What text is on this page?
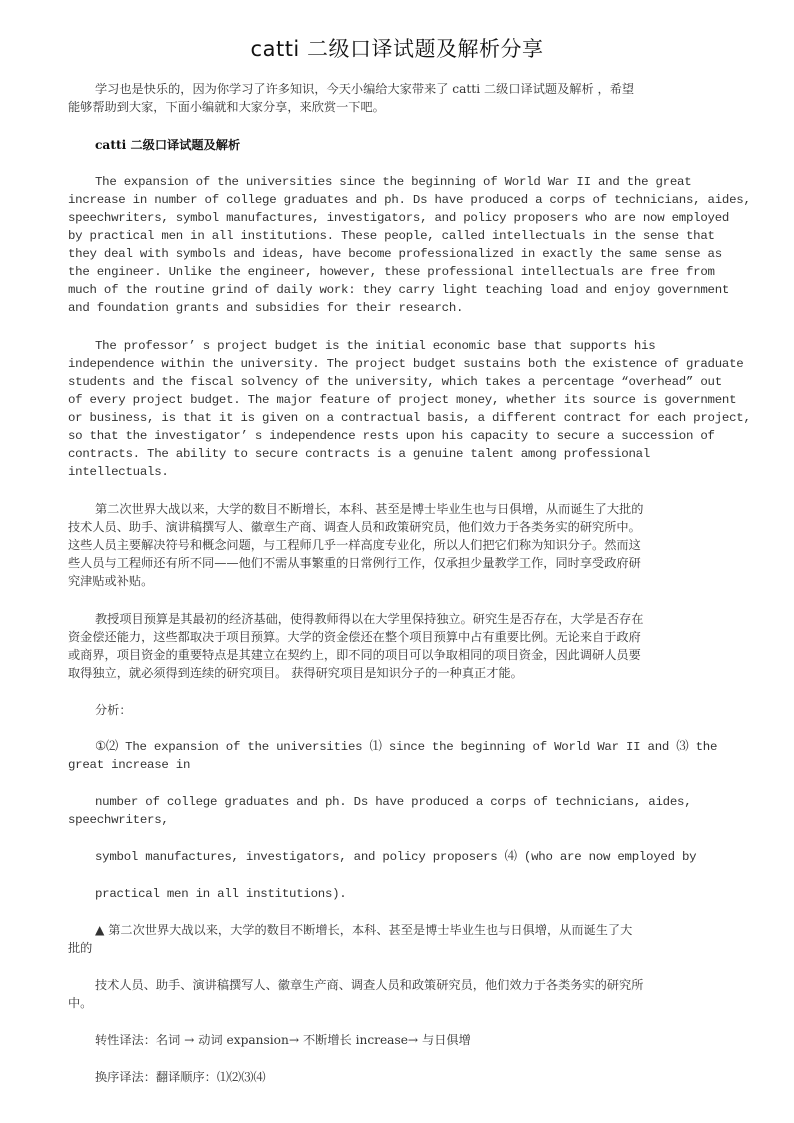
catti 二级口译试题及解析分享
学习也是快乐的，因为你学习了许多知识，今天小编给大家带来了 catti 二级口译试题及解析 ，希望
能够帮助到大家，下面小编就和大家分享，来欣赏一下吧。
catti 二级口译试题及解析
The expansion of the universities since the beginning of World War II and the great
increase in number of college graduates and ph. Ds have produced a corps of technicians, aides,
speechwriters, symbol manufactures, investigators, and policy proposers who are now employed
by practical men in all institutions. These people, called intellectuals in the sense that
they deal with symbols and ideas, have become professionalized in exactly the same sense as
the engineer. Unlike the engineer, however, these professional intellectuals are free from
much of the routine grind of daily work: they carry light teaching load and enjoy government
and foundation grants and subsidies for their research.
The professor’ s project budget is the initial economic base that supports his
independence within the university. The project budget sustains both the existence of graduate
students and the fiscal solvency of the university, which takes a percentage “overhead” out
of every project budget. The major feature of project money, whether its source is government
or business, is that it is given on a contractual basis, a different contract for each project,
so that the investigator’ s independence rests upon his capacity to secure a succession of
contracts. The ability to secure contracts is a genuine talent among professional
intellectuals.
第二次世界大战以来，大学的数目不断增长，本科、甚至是博士毕业生也与日俱增，从而诞生了大批的
技术人员、助手、演讲稿撰写人、徽章生产商、调查人员和政策研究员，他们效力于各类务实的研究所中。
这些人员主要解决符号和概念问题，与工程师几乎一样高度专业化，所以人们把它们称为知识分子。然而这
些人员与工程师还有所不同——他们不需从事繁重的日常例行工作，仅承担少量教学工作，同时享受政府研
究津贴或补贴。
教授项目预算是其最初的经济基础，使得教师得以在大学里保持独立。研究生是否存在，大学是否存在
资金偿还能力，这些都取决于项目预算。大学的资金偿还在整个项目预算中占有重要比例。无论来自于政府
或商界，项目资金的重要特点是其建立在契约上，即不同的项目可以争取相同的项目资金，因此调研人员要
取得独立，就必须得到连续的研究项目。 获得研究项目是知识分子的一种真正才能。
分析：
①⑵ The expansion of the universities ⑴ since the beginning of World War II and ⑶ the
great increase in
number of college graduates and ph. Ds have produced a corps of technicians, aides,
speechwriters,
symbol manufactures, investigators, and policy proposers ⑷ (who are now employed by
practical men in all institutions).
▲ 第二次世界大战以来，大学的数目不断增长，本科、甚至是博士毕业生也与日俱增，从而诞生了大
批的
技术人员、助手、演讲稿撰写人、徽章生产商、调查人员和政策研究员，他们效力于各类务实的研究所
中。
转性译法：名词 → 动词 expansion→ 不断增长 increase→ 与日俱增
换序译法：翻译顺序：⑴⑵⑶⑷
